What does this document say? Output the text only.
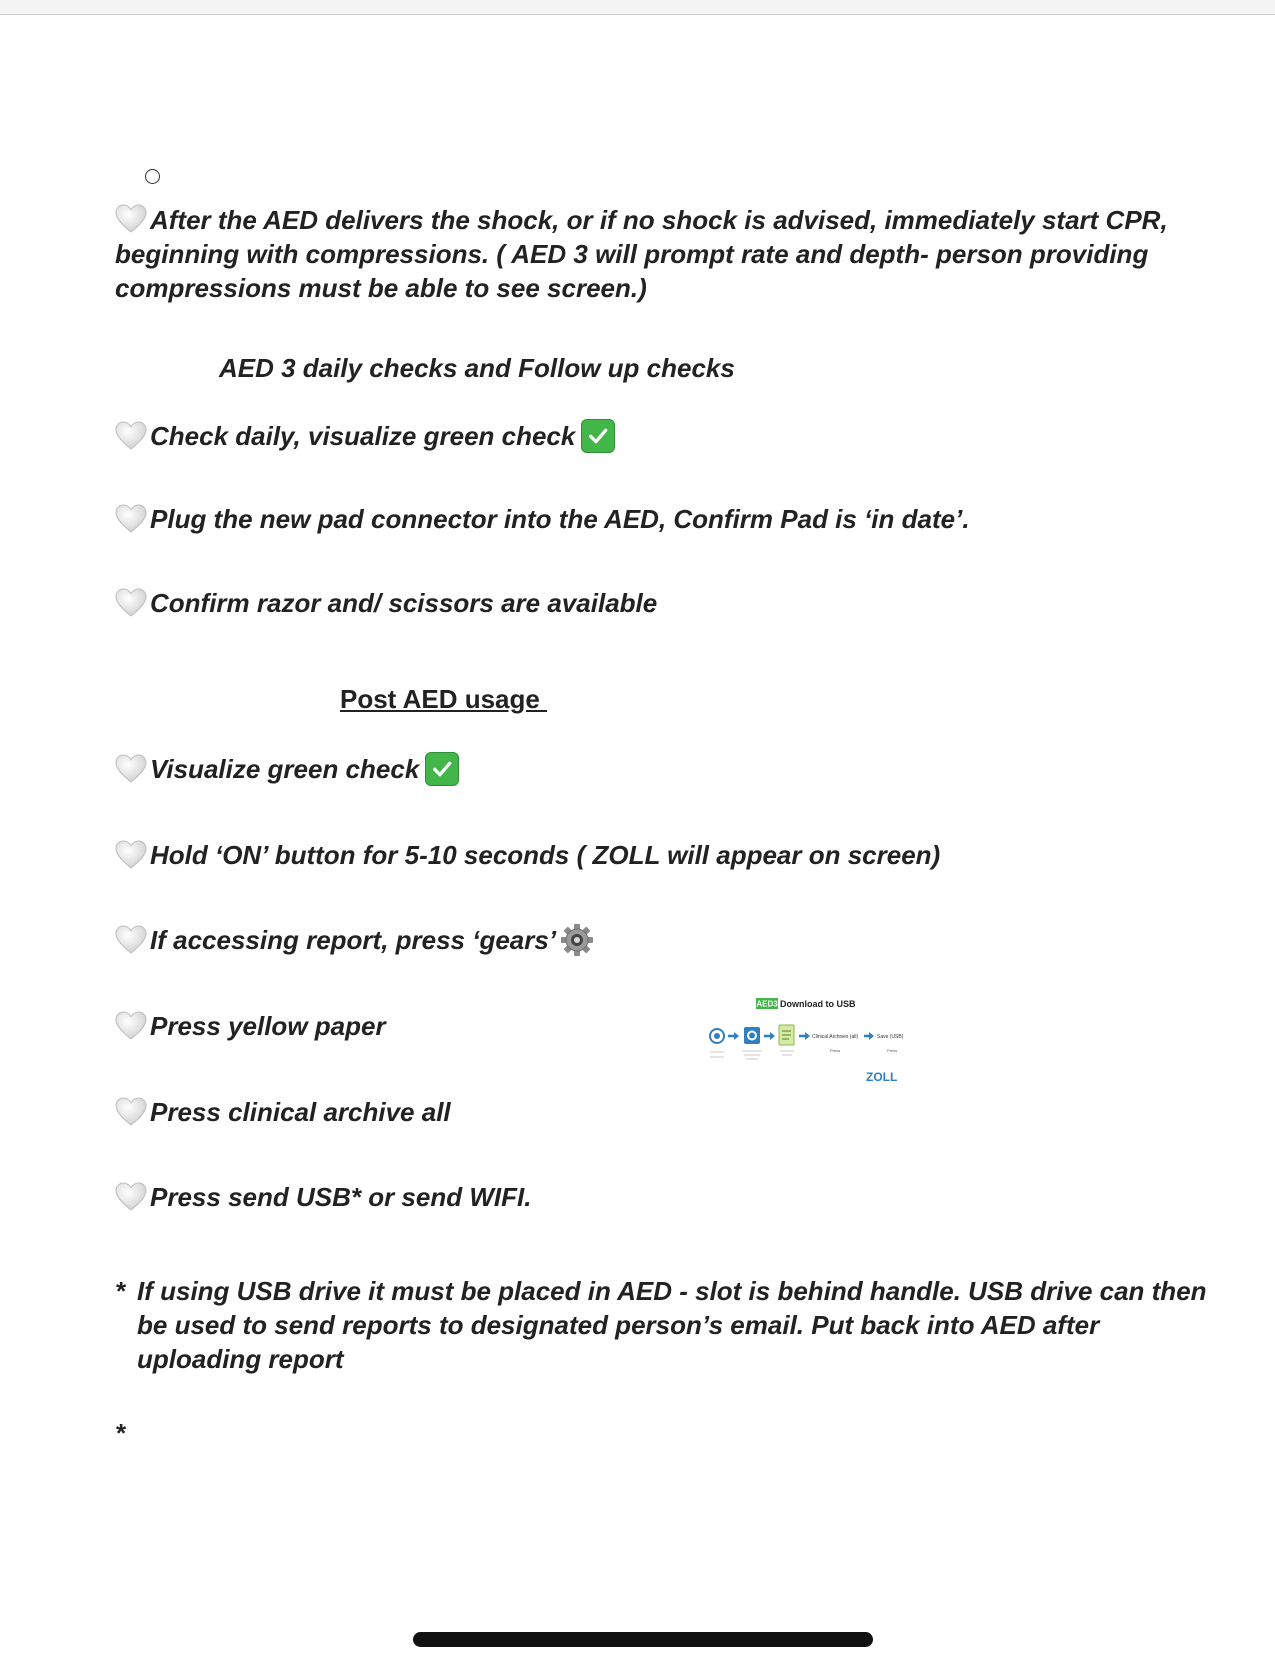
After the AED delivers the shock, or if no shock is advised, immediately start CPR, beginning with compressions. ( AED 3 will prompt rate and depth- person providing compressions must be able to see screen.)
AED 3 daily checks and Follow up checks
Check daily, visualize green check
Plug the new pad connector into the AED, Confirm Pad is ‘in date’.
Confirm razor and/ scissors are available
Post AED usage
Visualize green check
Hold ‘ON’ button for 5-10 seconds ( ZOLL will appear on screen)
If accessing report, press ‘gears’
Press yellow paper
Press clinical archive all
Press send USB* or send WIFI.
AED3 Download to USB
Clinical Archives (all)	Save (USB)
Press	Press
ZOLL
* If using USB drive it must be placed in AED - slot is behind handle. USB drive can then be used to send reports to designated person’s email. Put back into AED after uploading report
*
